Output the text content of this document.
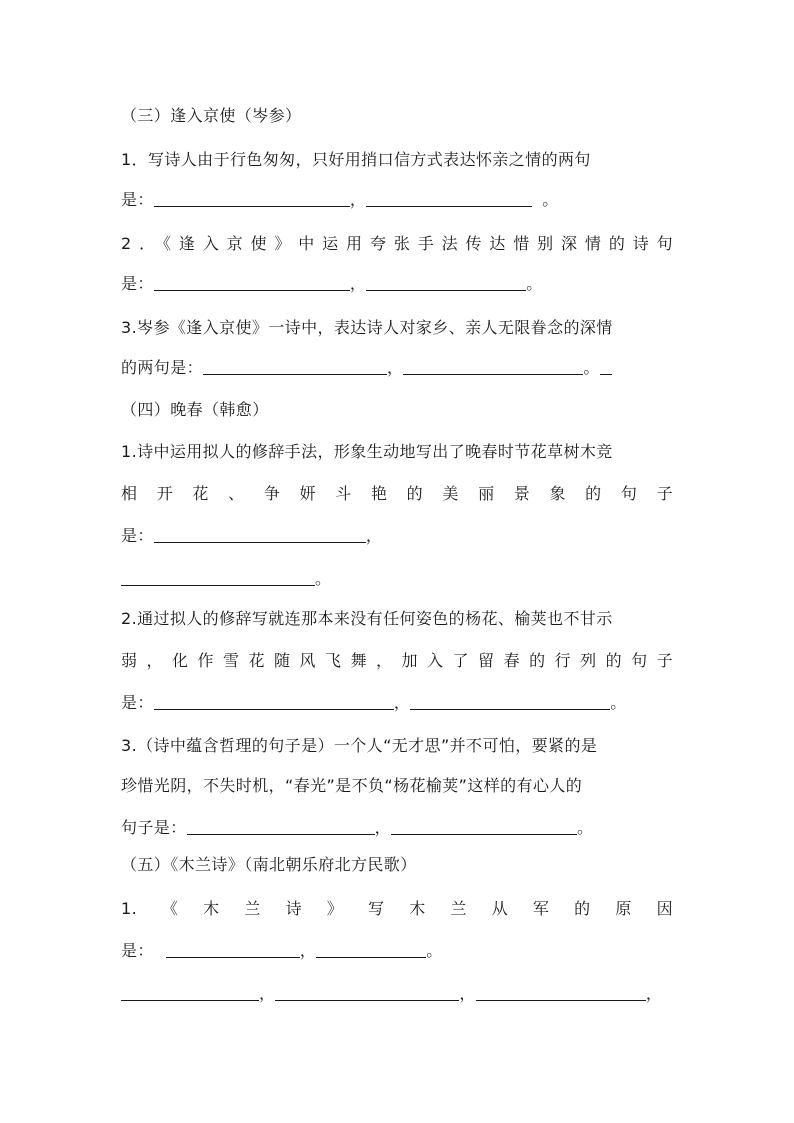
（三）逢入京使（岑参）
1．写诗人由于行色匆匆，只好用捎口信方式表达怀亲之情的两句
是：	，	。
2．《逢入京使》中运用夸张手法传达惜别深情的诗句
是：	，	。
3.岑参《逢入京使》一诗中，表达诗人对家乡、亲人无限眷念的深情
的两句是：	，	。
（四）晚春（韩愈）
1.诗中运用拟人的修辞手法，形象生动地写出了晚春时节花草树木竞
相开花、争妍斗艳的美丽景象的句子
是：	，
。
2.通过拟人的修辞写就连那本来没有任何姿色的杨花、榆荚也不甘示
弱，化作雪花随风飞舞，加入了留春的行列的句子
是：	，	。
3.（诗中蕴含哲理的句子是）一个人“无才思”并不可怕，要紧的是
珍惜光阴，不失时机，“春光”是不负“杨花榆荚”这样的有心人的
句子是：	，	。
（五）《木兰诗》（南北朝乐府北方民歌）
1.《木兰诗》写木兰从军的原因
是：	，	。
，	，	，
